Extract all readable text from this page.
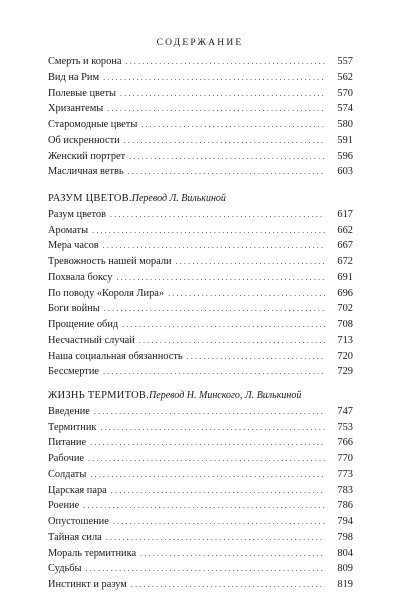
СОДЕРЖАНИЕ
Смерть и корона . . .	557
Вид на Рим . . .	562
Полевые цветы . . .	570
Хризантемы . . .	574
Старомодные цветы . . .	580
Об искренности . . .	591
Женский портрет . . .	596
Масличная ветвь . . .	603
РАЗУМ ЦВЕТОВ. Перевод Л. Вилькиной
Разум цветов . . .	617
Ароматы . . .	662
Мера часов . . .	667
Тревожность нашей морали . . .	672
Похвала боксу . . .	691
По поводу «Короля Лира» . . .	696
Боги войны . . .	702
Прощение обид . . .	708
Несчастный случай . . .	713
Наша социальная обязанность . . .	720
Бессмертие . . .	729
ЖИЗНЬ ТЕРМИТОВ. Перевод Н. Минского, Л. Вилькиной
Введение . . .	747
Термитник . . .	753
Питание . . .	766
Рабочие . . .	770
Солдаты . . .	773
Царская пара . . .	783
Роение . . .	786
Опустошение . . .	794
Тайная сила . . .	798
Мораль термитника . . .	804
Судьбы . . .	809
Инстинкт и разум . . .	819
